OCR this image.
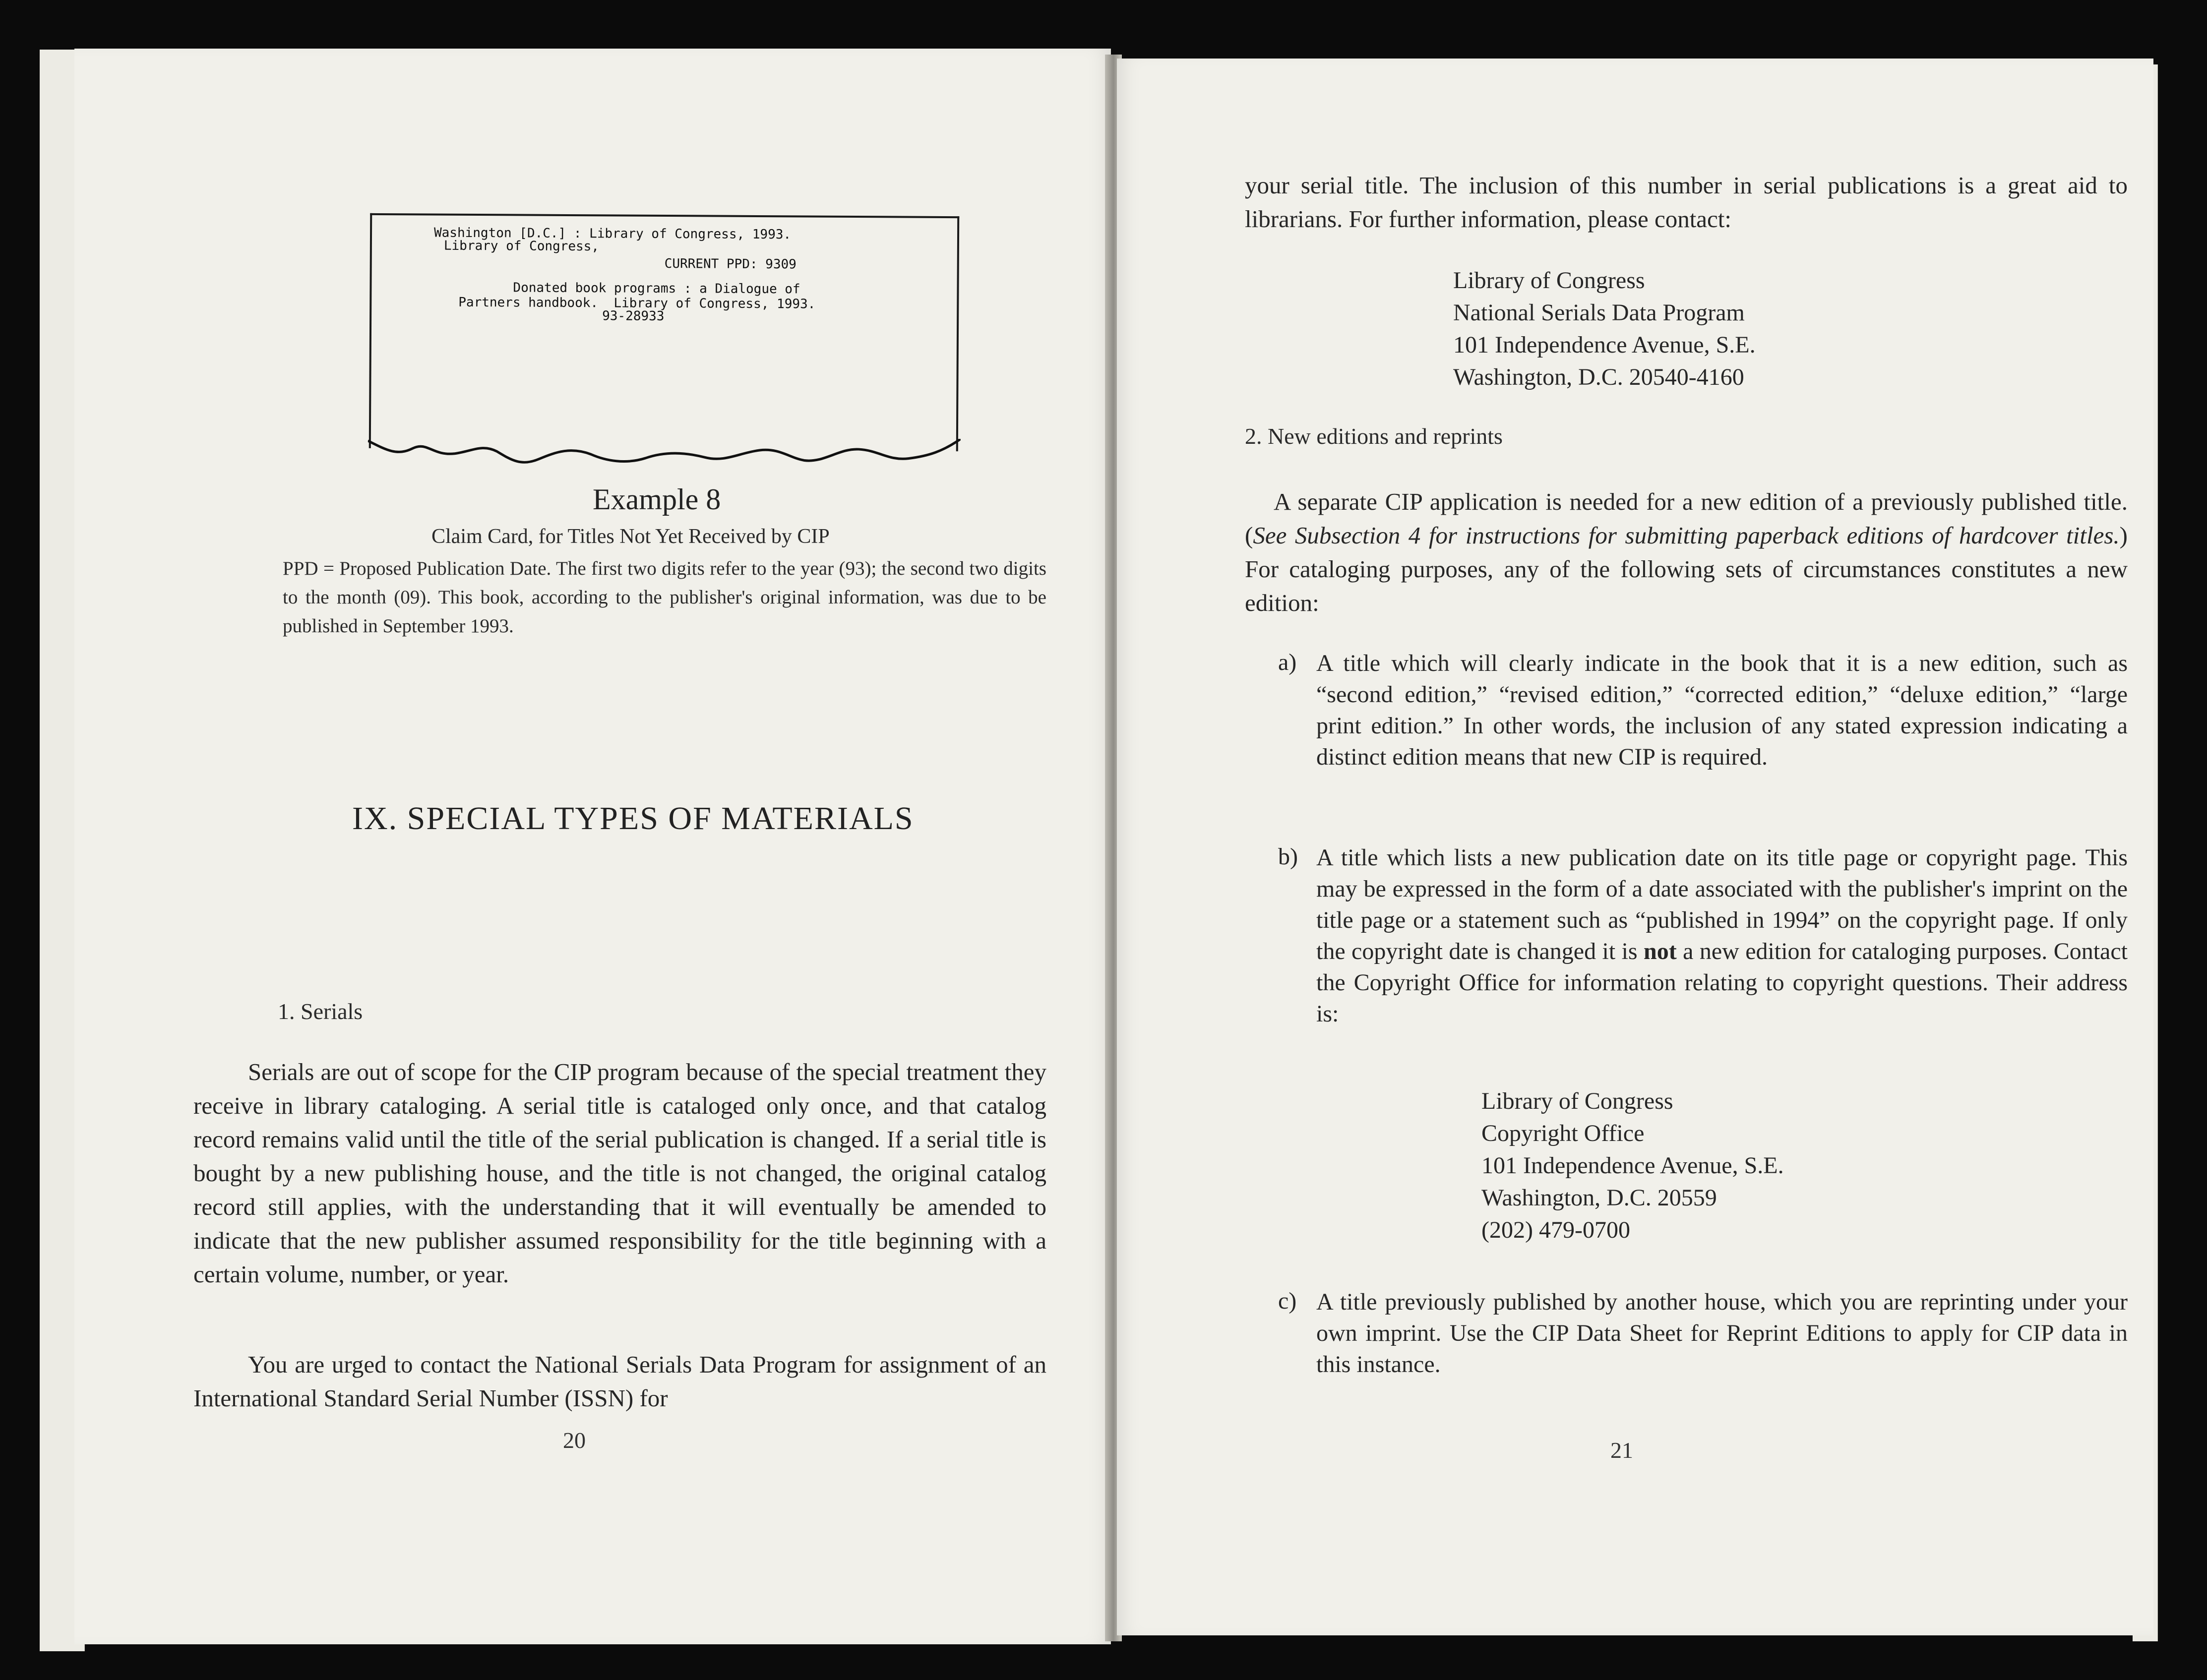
Washington [D.C.] : Library of Congress, 1993.
Library of Congress,
CURRENT PPD: 9309
Donated book programs : a Dialogue of
Partners handbook.  Library of Congress, 1993.
93-28933
Example 8
Claim Card, for Titles Not Yet Received by CIP
PPD = Proposed Publication Date. The first two digits refer to the year (93); the second two digits to the month (09). This book, according to the publisher's original information, was due to be published in September 1993.
IX. SPECIAL TYPES OF MATERIALS
1. Serials
Serials are out of scope for the CIP program because of the special treatment they receive in library cataloging. A serial title is cataloged only once, and that catalog record remains valid until the title of the serial publication is changed. If a serial title is bought by a new publishing house, and the title is not changed, the original catalog record still applies, with the understanding that it will eventually be amended to indicate that the new publisher assumed responsibility for the title beginning with a certain volume, number, or year.
You are urged to contact the National Serials Data Program for assignment of an International Standard Serial Number (ISSN) for
20
your serial title. The inclusion of this number in serial publications is a great aid to librarians. For further information, please contact:
Library of Congress
National Serials Data Program
101 Independence Avenue, S.E.
Washington, D.C. 20540-4160
2. New editions and reprints
A separate CIP application is needed for a new edition of a previously published title. (See Subsection 4 for instructions for submitting paperback editions of hardcover titles.) For cataloging purposes, any of the following sets of circumstances constitutes a new edition:
a) A title which will clearly indicate in the book that it is a new edition, such as “second edition,” “revised edition,” “corrected edition,” “deluxe edition,” “large print edition.” In other words, the inclusion of any stated expression indicating a distinct edition means that new CIP is required.
b) A title which lists a new publication date on its title page or copyright page. This may be expressed in the form of a date associated with the publisher's imprint on the title page or a statement such as “published in 1994” on the copyright page. If only the copyright date is changed it is not a new edition for cataloging purposes. Contact the Copyright Office for information relating to copyright questions. Their address is:
Library of Congress
Copyright Office
101 Independence Avenue, S.E.
Washington, D.C. 20559
(202) 479-0700
c) A title previously published by another house, which you are reprinting under your own imprint. Use the CIP Data Sheet for Reprint Editions to apply for CIP data in this instance.
21
